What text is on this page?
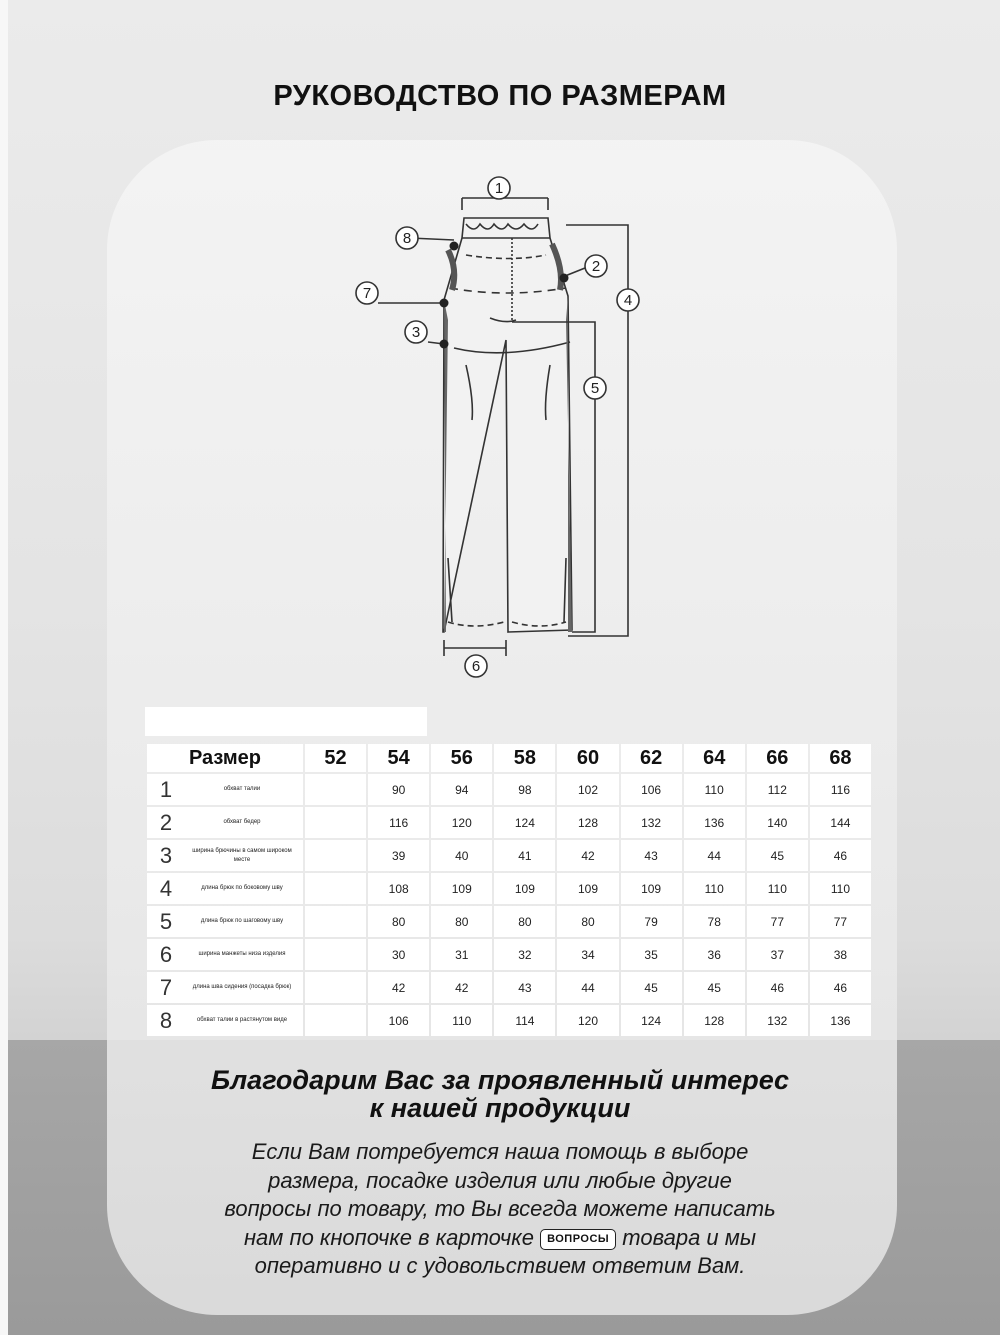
РУКОВОДСТВО ПО РАЗМЕРАМ
1
2
3
4
5
6
7
8
Размер	52	54	56	58	60	62	64	66	68

1 обхват талии		90	94	98	102	106	110	112	116

2 обхват бедер		116	120	124	128	132	136	140	144

3 ширина брючины в самом широком месте		39	40	41	42	43	44	45	46

4 длина брюк по боковому шву		108	109	109	109	109	110	110	110

5 длина брюк по шаговому шву		80	80	80	80	79	78	77	77

6 ширина манжеты низа изделия		30	31	32	34	35	36	37	38

7 длина шва сидения (посадка брюк)		42	42	43	44	45	45	46	46

8 обхват талии в растянутом виде		106	110	114	120	124	128	132	136
Благодарим Вас за проявленный интерес
к нашей продукции
Если Вам потребуется наша помощь в выборе
размера, посадке изделия или любые другие
вопросы по товару, то Вы всегда можете написать
нам по кнопочке в карточке ВОПРОСЫ товара и мы
оперативно и с удовольствием ответим Вам.
